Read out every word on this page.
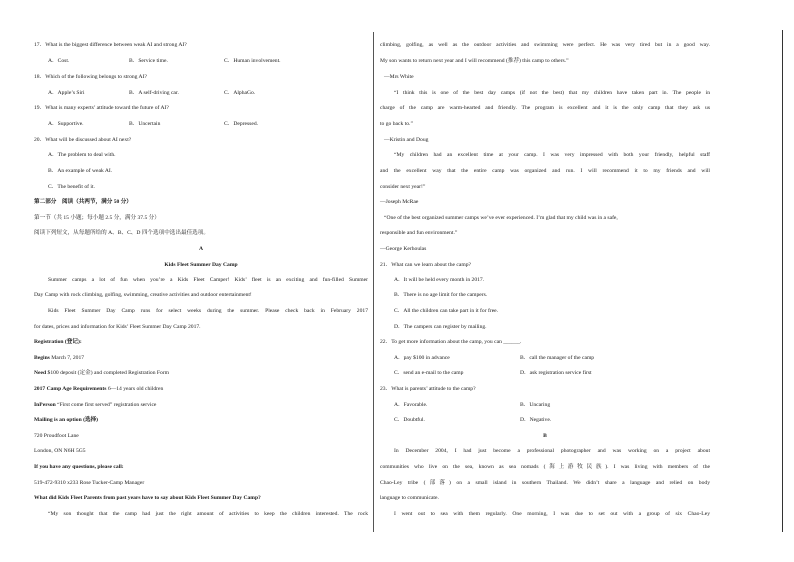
17．What is the biggest difference between weak AI and strong AI?
A．Cost.	B．Service time.	C．Human involvement.
18．Which of the following belongs to strong AI?
A．Apple’s Siri	B．A self-driving car.	C．AlphaGo.
19．What is many experts’ attitude toward the future of AI?
A．Supportive.	B．Uncertain	C．Depressed.
20．What will be discussed about AI next?
A．The problem to deal with.
B．An example of weak AI.
C．The benefit of it.
第二部分　阅读（共两节，满分 50 分）
第一节（共 15 小题；每小题 2.5 分，满分 37.5 分）
阅读下列短文，从每题所给的 A、B、C、D 四个选项中选出最佳选项。
A
Kids Fleet Summer Day Camp
Summer camps a lot of fun when you’re a Kids Fleet Camper! Kids’ fleet is an exciting and fun-filled Summer
Day Camp with rock climbing, golfing, swimming, creative activities and outdoor entertainment!
Kids Fleet Summer Day Camp runs for select weeks during the summer. Please check back in February 2017
for dates, prices and information for Kids’ Fleet Summer Day Camp 2017.
Registration (登记):
Begins March 7, 2017
Need $100 deposit (定金) and completed Registration Form
2017 Camp Age Requirements 6—14 years old children
InPerson “First come first served” registration service
Mailing is an option (选择)
720 Proudfoot Lane
London, ON N6H 5G5
If you have any questions, please call:
519-472-9310 x233 Rose Tucker-Camp Manager
What did Kids Fleet Parents from past years have to say about Kids Fleet Summer Day Camp?
“My son thought that the camp had just the right amount of activities to keep the children interested. The rock
climbing, golfing, as well as the outdoor activities and swimming were perfect. He was very tired but in a good way.
My son wants to return next year and I will recommend (推荐) this camp to others.”
—Mrs White
“I think this is one of the best day camps (if not the best) that my children have taken part in. The people in
charge of the camp are warm-hearted and friendly. The program is excellent and it is the only camp that they ask us
to go back to.”
—Kristin and Doug
“My children had an excellent time at your camp. I was very impressed with both your friendly, helpful staff
and the excellent way that the entire camp was organized and run. I will recommend it to my friends and will
consider next year!”
—Joseph McRae
“One of the best organized summer camps we’ve ever experienced. I’m glad that my child was in a safe,
responsible and fun environment.”
—George Kerhoulas
21．What can we learn about the camp?
A．It will be held every month in 2017.
B．There is no age limit for the campers.
C．All the children can take part in it for free.
D．The campers can register by mailing.
22．To get more information about the camp, you can ______.
A．pay $100 in advance	B．call the manager of the camp
C．send an e-mail to the camp	D．ask registration service first
23．What is parents’ attitude to the camp?
A．Favorable.	B．Uncaring
C．Doubtful.	D．Negative.
B
In December 2004, I had just become a professional photographer and was working on a project about
communities who live on the sea, known as sea nomads (海上游牧民族). I was living with members of the
Chao-Ley tribe (部落) on a small island in southern Thailand. We didn’t share a language and relied on body
language to communicate.
I went out to sea with them regularly. One morning, I was due to set out with a group of six Chao-Ley
